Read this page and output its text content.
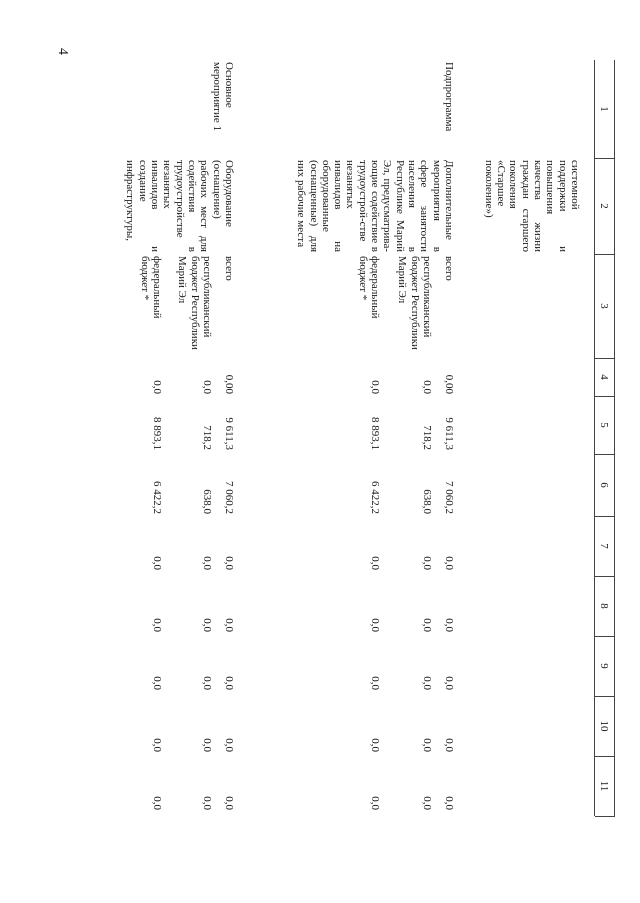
4
1
2
3
4
5
6
7
8
9
10
11
системной поддержки и повышения качества жизни граждан старшего поколения «Старшее поколение»)
Подпрограмма
Дополнительные мероприятия в сфере занятости населения в Республике Марий Эл, предусматрива-ющие содействие в трудоустрой-стве незанятых инвалидов на оборудованные (оснащенные) для них рабочие места
всего
0,00
9 611,3
7 060,2
0,0
0,0
0,0
0,0
0,0
республиканский бюджет Республики Марий Эл
0,0
718,2
638,0
0,0
0,0
0,0
0,0
0,0
федеральный бюджет *
0,0
8 893,1
6 422,2
0,0
0,0
0,0
0,0
0,0
Основное мероприятие 1
Оборудование (оснащение) рабочих мест для содействия в трудоустройстве незанятых инвалидов и создание инфраструктуры,
всего
0,00
9 611,3
7 060,2
0,0
0,0
0,0
0,0
0,0
республиканский бюджет Республики Марий Эл
0,0
718,2
638,0
0,0
0,0
0,0
0,0
0,0
федеральный бюджет *
0,0
8 893,1
6 422,2
0,0
0,0
0,0
0,0
0,0
